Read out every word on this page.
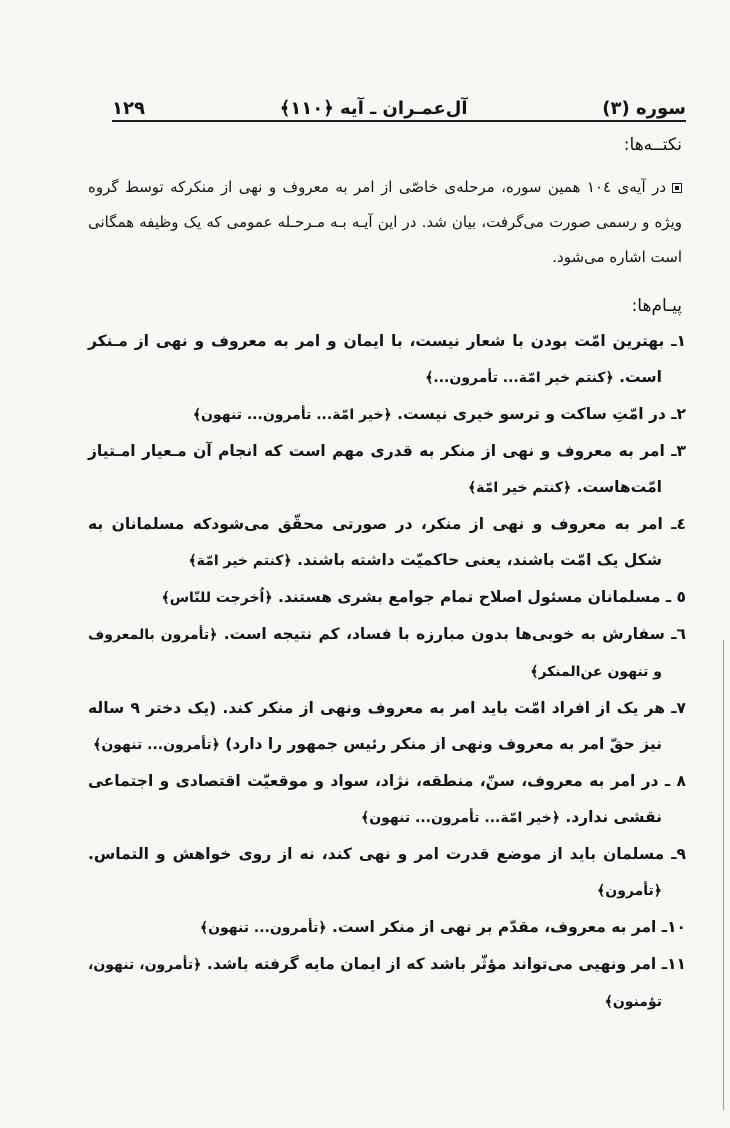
سوره (۳)
آل‌عمـران ـ آیه ﴿۱۱۰﴾
۱۲۹
نکتــه‌ها:
در آیه‌ی ۱۰٤ همین سوره، مرحله‌ی خاصّی از امر به معروف و نهی از منکرکه توسط گروه ویژه و رسمی صورت می‌گرفت، بیان شد. در این آیـه بـه مـرحـله عمومی که یک وظیفه همگانی است اشاره می‌شود.
پیـام‌ها:

۱ـ بهترین امّت بودن با شعار نیست، با ایمان و امر به معروف و نهی از مـنکر است. ﴿کنتم خیر امّة... تأمرون...﴾

۲ـ در امّتِ ساکت و ترسو خیری نیست. ﴿خیر امّة... تأمرون... تنهون﴾

۳ـ امر به معروف و نهی از منکر به قدری مهم است که انجام آن مـعیار امـتیاز امّت‌هاست. ﴿کنتم خیر امّة﴾

٤ـ امر به معروف و نهی از منکر، در صورتی محقّق می‌شودکه مسلمانان به شکل یک امّت باشند، یعنی حاکمیّت داشته باشند. ﴿کنتم خیر امّة﴾

٥ ـ مسلمانان مسئول اصلاح تمام جوامع بشری هستند. ﴿اُخرجت للنّاس﴾

٦ـ سفارش به خوبی‌ها بدون مبارزه با فساد، کم نتیجه است. ﴿تأمرون بالمعروف و تنهون عن‌المنکر﴾

۷ـ هر یک از افراد امّت باید امر به معروف ونهی از منکر کند. (یک دختر ۹ ساله نیز حقّ امر به معروف ونهی از منکر رئیس جمهور را دارد) ﴿تأمرون... تنهون﴾

۸ ـ در امر به معروف، سنّ، منطقه، نژاد، سواد و موقعیّت اقتصادی و اجتماعی نقشی ندارد. ﴿خیر امّة... تأمرون... تنهون﴾

۹ـ مسلمان باید از موضع قدرت امر و نهی کند، نه از روی خواهش و التماس. ﴿تأمرون﴾

۱۰ـ امر به معروف، مقدّم بر نهی از منکر است. ﴿تأمرون... تنهون﴾

۱۱ـ امر ونهیی می‌تواند مؤثّر باشد که از ایمان مایه گرفته باشد. ﴿تأمرون، تنهون، تؤمنون﴾
